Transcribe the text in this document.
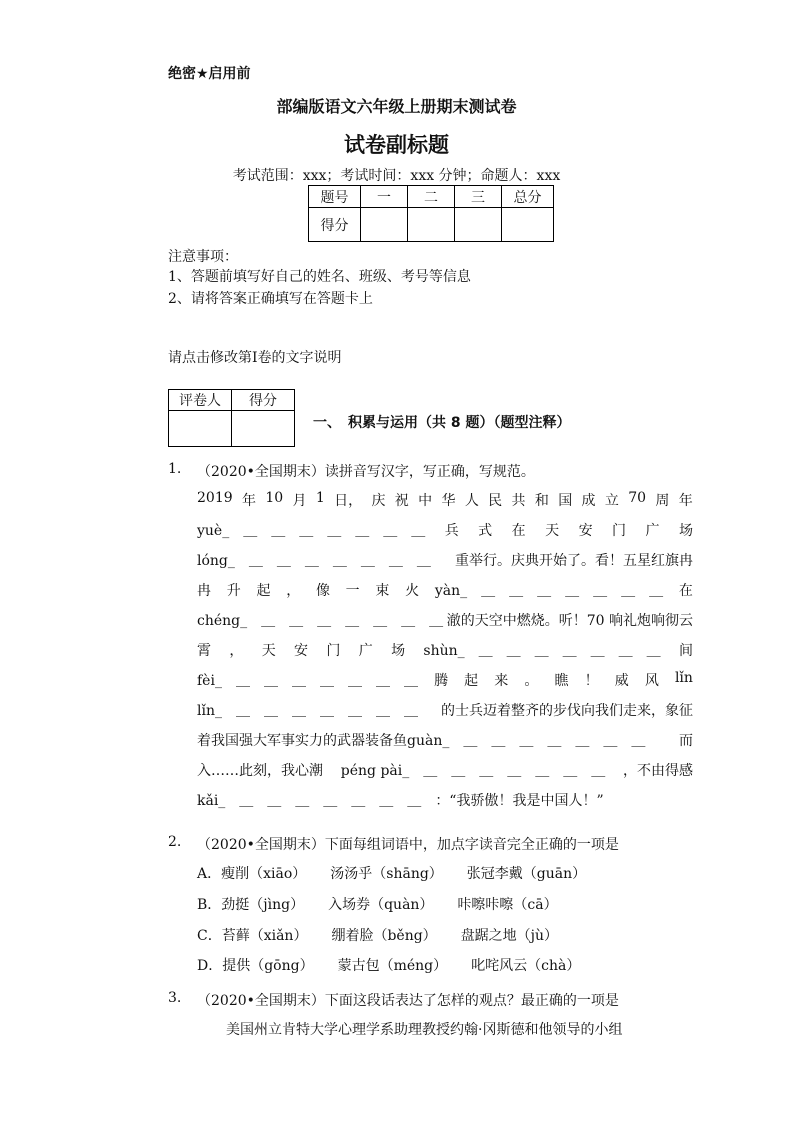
绝密★启用前
部编版语文六年级上册期末测试卷
试卷副标题
考试范围：xxx；考试时间：xxx 分钟；命题人：xxx
题号	一	二	三	总分
得分				
注意事项：
1、答题前填写好自己的姓名、班级、考号等信息
2、请将答案正确填写在答题卡上
请点击修改第Ⅰ卷的文字说明
评卷人	得分

一、　积累与运用（共 8 题）（题型注释）
1. （2020•全国期末）读拼音写汉字，写正确，写规范。
2019 年 10 月 1 日， 庆 祝 中 华 人 民 共 和 国 成 立 70 周 年
yuè_　＿　＿　＿　＿　＿　＿　＿ 兵 式 在 天 安 门 广 场
lóng_　＿　＿　＿　＿　＿　＿　＿ 重举行。庆典开始了。看！五星红旗冉
冉 升 起 ， 像 一 束 火 yàn_　＿　＿　＿　＿　＿　＿　＿ 在
chéng_　＿　＿　＿　＿　＿　＿　＿ 澈的天空中燃烧。听！70 响礼炮响彻云
霄 ， 天 安 门 广 场 shùn_　＿　＿　＿　＿　＿　＿　＿ 间
fèi_　＿　＿　＿　＿　＿　＿　＿ 腾 起 来 。 瞧 ！ 威 风 lǐn
lǐn_　＿　＿　＿　＿　＿　＿　＿ 的士兵迈着整齐的步伐向我们走来，象征
着我国强大军事实力的武器装备鱼guàn_　＿　＿　＿　＿　＿　＿　＿ 而
入……此刻，我心潮 péng pài_　＿　＿　＿　＿　＿　＿　＿ ，不由得感
kǎi_　＿　＿　＿　＿　＿　＿　＿ ：“我骄傲！我是中国人！”
2. （2020•全国期末）下面每组词语中，加点字读音完全正确的一项是
A．瘦削（xiāo） 汤汤乎（shāng） 张冠李戴（guān）
B．劲挺（jìng） 入场券（quàn） 咔嚓咔嚓（cā）
C．苔藓（xiǎn） 绷着脸（běng） 盘踞之地（jù）
D．提供（gōng） 蒙古包（méng） 叱咤风云（chà）
3. （2020•全国期末）下面这段话表达了怎样的观点？最正确的一项是
美国州立肯特大学心理学系助理教授约翰·冈斯德和他领导的小组
